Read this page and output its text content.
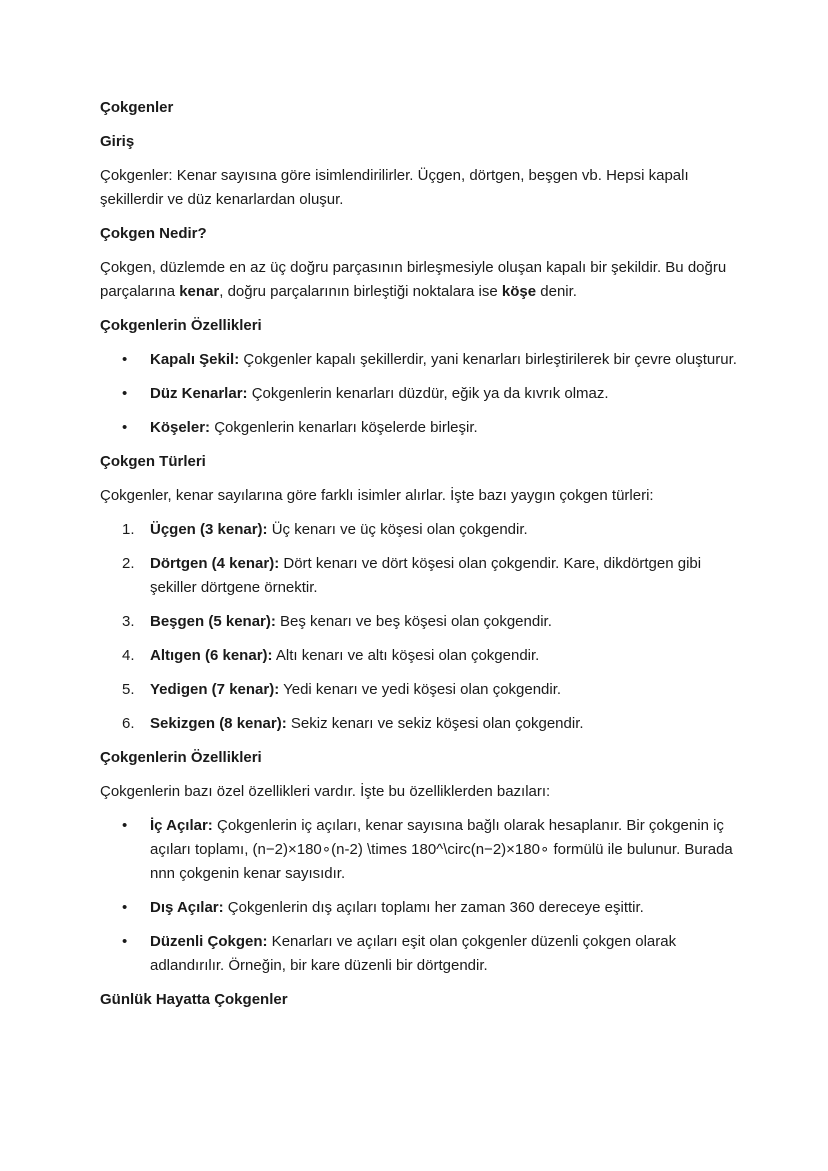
Çokgenler
Giriş
Çokgenler: Kenar sayısına göre isimlendirilirler. Üçgen, dörtgen, beşgen vb. Hepsi kapalı şekillerdir ve düz kenarlardan oluşur.
Çokgen Nedir?
Çokgen, düzlemde en az üç doğru parçasının birleşmesiyle oluşan kapalı bir şekildir. Bu doğru parçalarına kenar, doğru parçalarının birleştiği noktalara ise köşe denir.
Çokgenlerin Özellikleri
• Kapalı Şekil: Çokgenler kapalı şekillerdir, yani kenarları birleştirilerek bir çevre oluşturur.
• Düz Kenarlar: Çokgenlerin kenarları düzdür, eğik ya da kıvrık olmaz.
• Köşeler: Çokgenlerin kenarları köşelerde birleşir.
Çokgen Türleri
Çokgenler, kenar sayılarına göre farklı isimler alırlar. İşte bazı yaygın çokgen türleri:
1. Üçgen (3 kenar): Üç kenarı ve üç köşesi olan çokgendir.
2. Dörtgen (4 kenar): Dört kenarı ve dört köşesi olan çokgendir. Kare, dikdörtgen gibi şekiller dörtgene örnektir.
3. Beşgen (5 kenar): Beş kenarı ve beş köşesi olan çokgendir.
4. Altıgen (6 kenar): Altı kenarı ve altı köşesi olan çokgendir.
5. Yedigen (7 kenar): Yedi kenarı ve yedi köşesi olan çokgendir.
6. Sekizgen (8 kenar): Sekiz kenarı ve sekiz köşesi olan çokgendir.
Çokgenlerin Özellikleri
Çokgenlerin bazı özel özellikleri vardır. İşte bu özelliklerden bazıları:
• İç Açılar: Çokgenlerin iç açıları, kenar sayısına bağlı olarak hesaplanır. Bir çokgenin iç açıları toplamı, (n−2)×180∘(n-2) \times 180^\circ(n−2)×180∘ formülü ile bulunur. Burada nnn çokgenin kenar sayısıdır.
• Dış Açılar: Çokgenlerin dış açıları toplamı her zaman 360 dereceye eşittir.
• Düzenli Çokgen: Kenarları ve açıları eşit olan çokgenler düzenli çokgen olarak adlandırılır. Örneğin, bir kare düzenli bir dörtgendir.
Günlük Hayatta Çokgenler
